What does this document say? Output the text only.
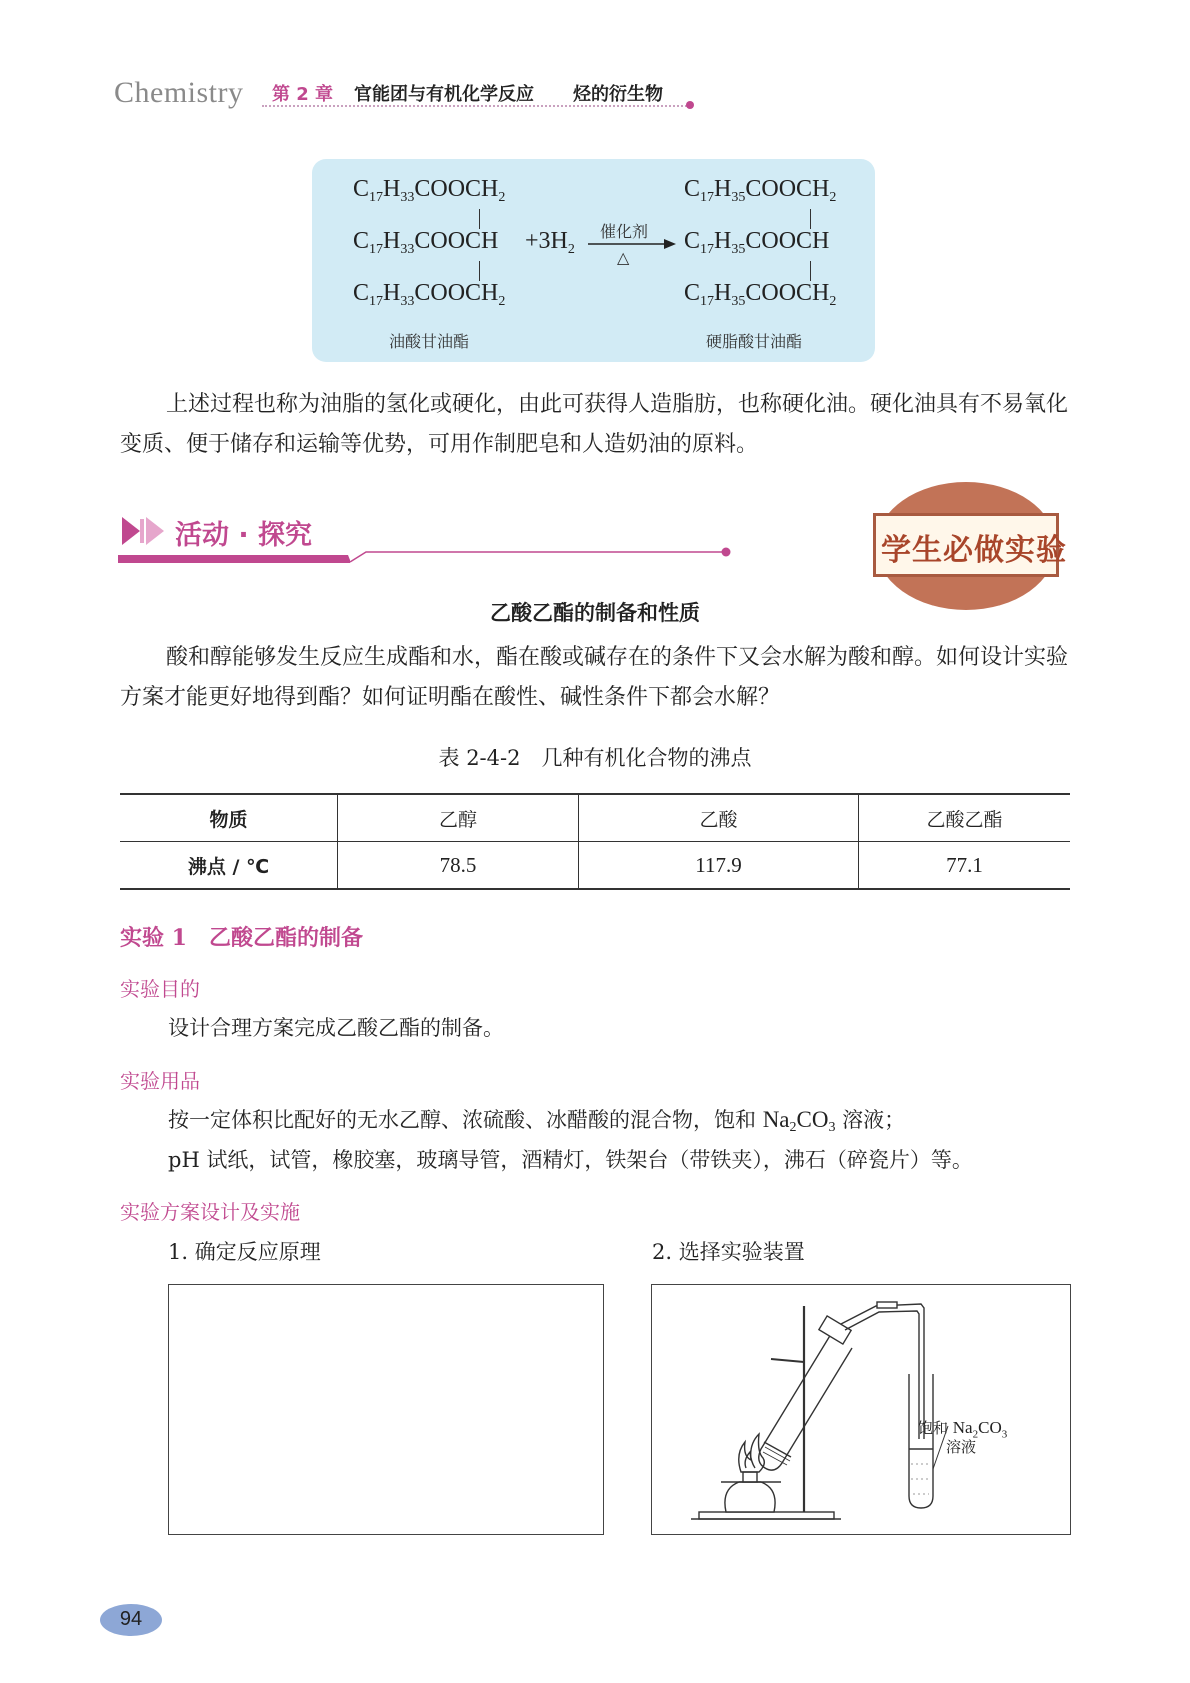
Chemistry 第 2 章 官能团与有机化学反应 烃的衍生物
$C_{17}H_{33}COOCH_2$
$C_{17}H_{33}COOCH$
$C_{17}H_{33}COOCH_2$
$+3H_2$
催化剂
△
$C_{17}H_{35}COOCH_2$
$C_{17}H_{35}COOCH$
$C_{17}H_{35}COOCH_2$
油酸甘油酯	硬脂酸甘油酯
上述过程也称为油脂的氢化或硬化，由此可获得人造脂肪，也称硬化油。硬化油具有不易氧化变质、便于储存和运输等优势，可用作制肥皂和人造奶油的原料。
活动 · 探究	学生必做实验
乙酸乙酯的制备和性质
酸和醇能够发生反应生成酯和水，酯在酸或碱存在的条件下又会水解为酸和醇。如何设计实验方案才能更好地得到酯？如何证明酯在酸性、碱性条件下都会水解？
表 2-4-2　几种有机化合物的沸点
物质	乙醇	乙酸	乙酸乙酯
沸点 / ℃	78.5	117.9	77.1
实验 1　乙酸乙酯的制备
实验目的
设计合理方案完成乙酸乙酯的制备。
实验用品
按一定体积比配好的无水乙醇、浓硫酸、冰醋酸的混合物，饱和 $Na_2CO_3$ 溶液；
pH 试纸，试管，橡胶塞，玻璃导管，酒精灯，铁架台（带铁夹），沸石（碎瓷片）等。
实验方案设计及实施
1. 确定反应原理	2. 选择实验装置
饱和 $Na_2CO_3$
溶液
94
